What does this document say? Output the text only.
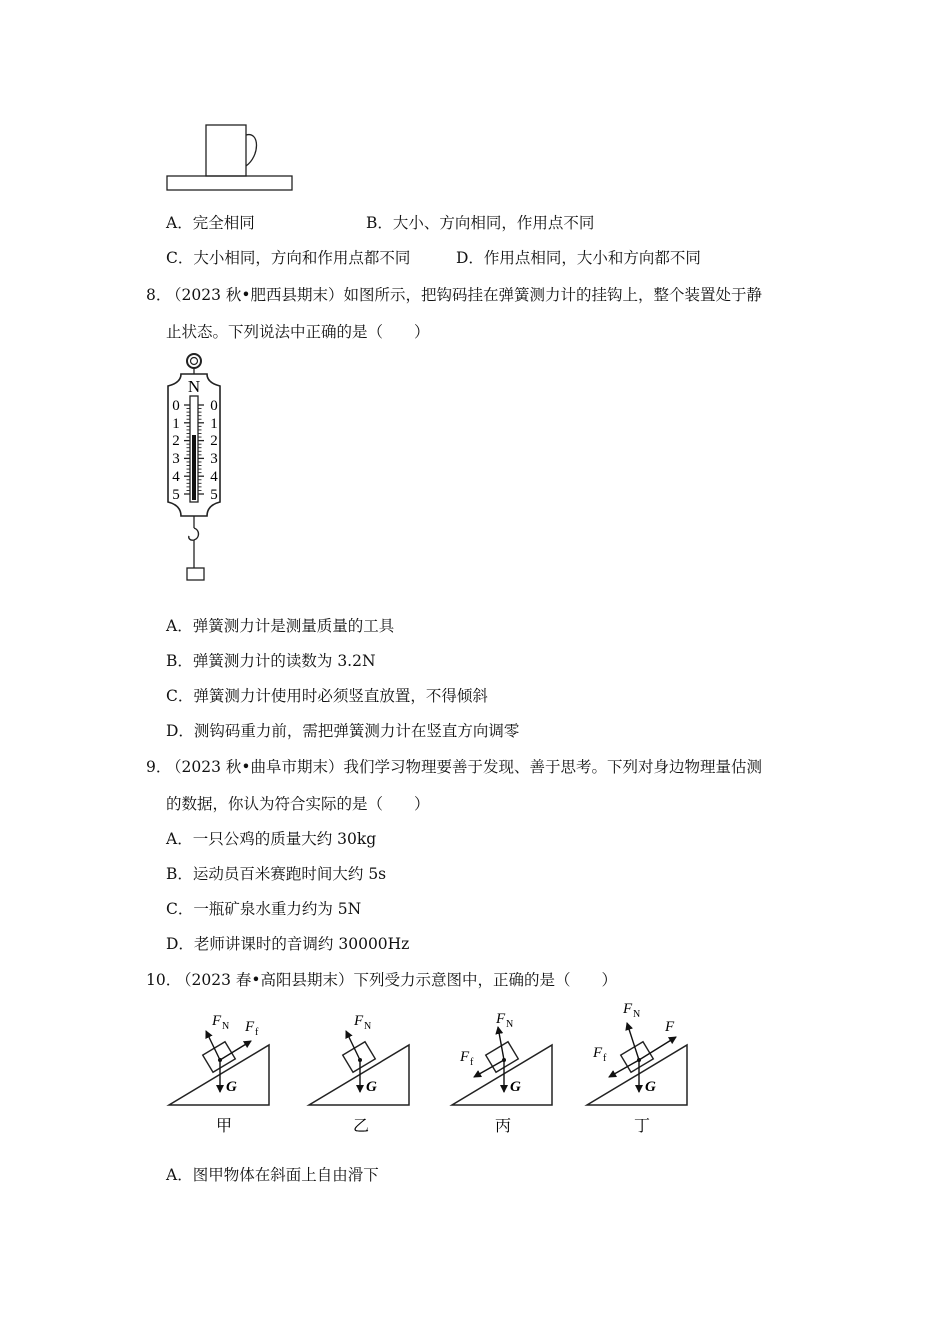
A．完全相同	B．大小、方向相同，作用点不同
C．大小相同，方向和作用点都不同	D．作用点相同，大小和方向都不同
8．
（2023 秋•肥西县期末）如图所示，把钩码挂在弹簧测力计的挂钩上，整个装置处于静
止状态。下列说法中正确的是（　　）
N
0
1
2
3
4
5
0
1
2
3
4
5
A．弹簧测力计是测量质量的工具
B．弹簧测力计的读数为 3.2N
C．弹簧测力计使用时必须竖直放置，不得倾斜
D．测钩码重力前，需把弹簧测力计在竖直方向调零
9．
（2023 秋•曲阜市期末）我们学习物理要善于发现、善于思考。下列对身边物理量估测
的数据，你认为符合实际的是（　　）
A．一只公鸡的质量大约 30kg
B．运动员百米赛跑时间大约 5s
C．一瓶矿泉水重力约为 5N
D．老师讲课时的音调约 30000Hz
10．
（2023 春•高阳县期末）下列受力示意图中，正确的是（　　）
F N F f
G
甲
F N
G
乙
F N
F f
G
丙
F N
F
F f
G
丁
A．图甲物体在斜面上自由滑下
